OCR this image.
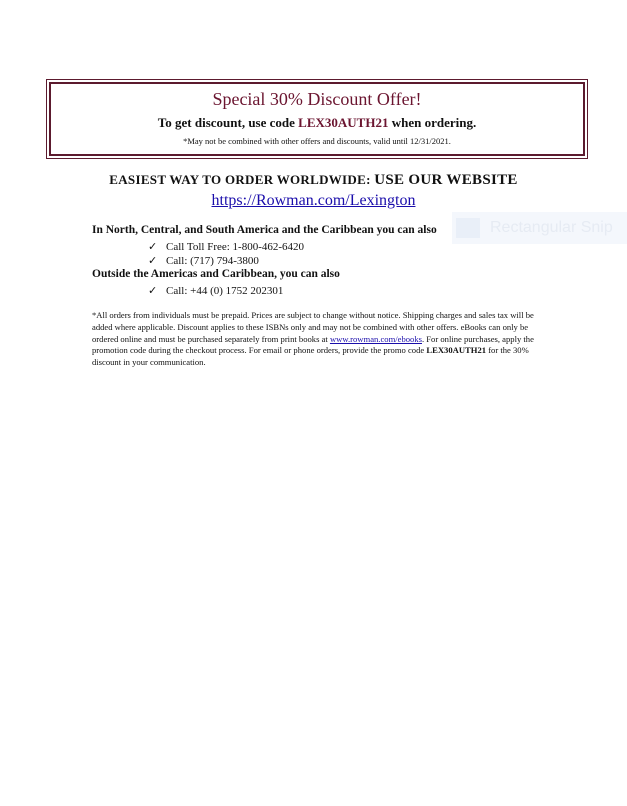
Special 30% Discount Offer!
To get discount, use code LEX30AUTH21 when ordering.
*May not be combined with other offers and discounts, valid until 12/31/2021.
EASIEST WAY TO ORDER WORLDWIDE: USE OUR WEBSITE
https://Rowman.com/Lexington
Rectangular Snip
In North, Central, and South America and the Caribbean you can also
✓ Call Toll Free: 1-800-462-6420
✓ Call: (717) 794-3800
Outside the Americas and Caribbean, you can also
✓ Call: +44 (0) 1752 202301
*All orders from individuals must be prepaid. Prices are subject to change without notice. Shipping charges and sales tax will be added where applicable. Discount applies to these ISBNs only and may not be combined with other offers. eBooks can only be ordered online and must be purchased separately from print books at www.rowman.com/ebooks. For online purchases, apply the promotion code during the checkout process. For email or phone orders, provide the promo code LEX30AUTH21 for the 30% discount in your communication.
